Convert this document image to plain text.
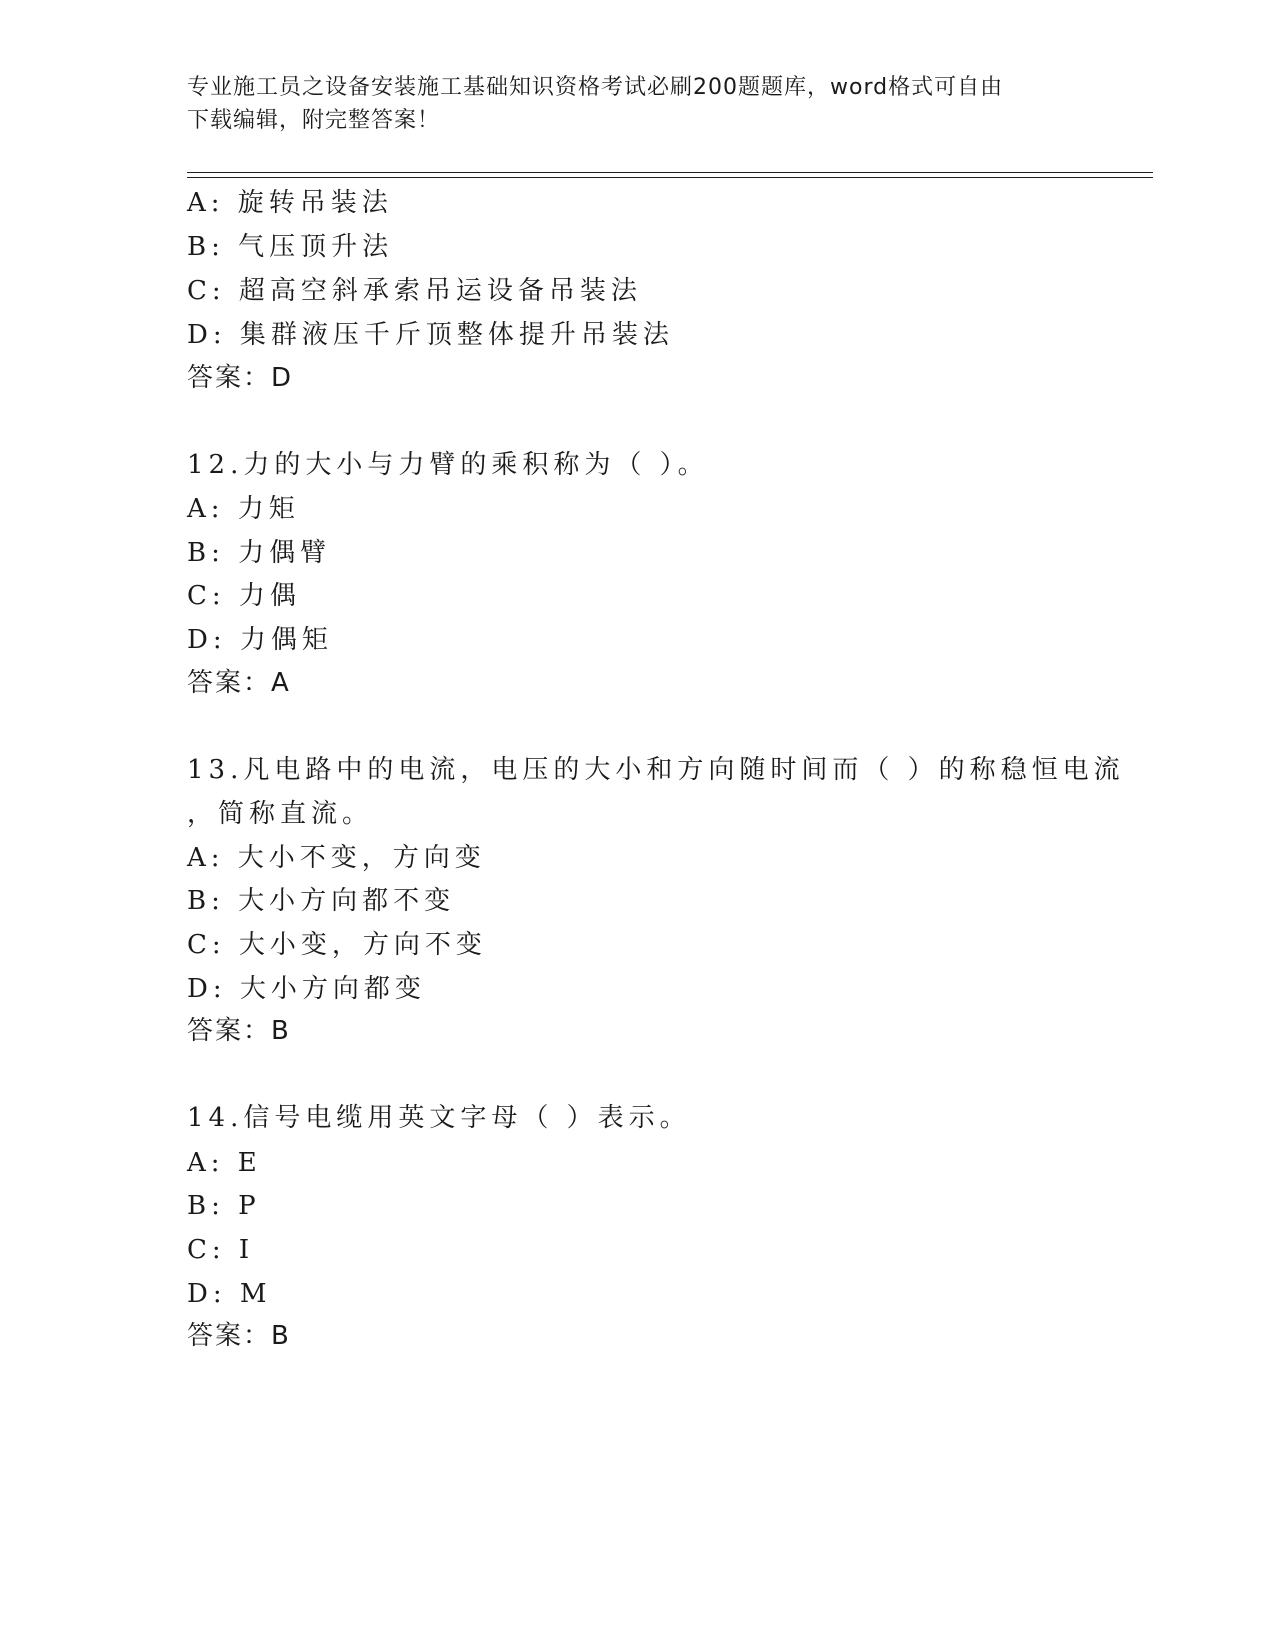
专业施工员之设备安装施工基础知识资格考试必刷200题题库，word格式可自由
下载编辑，附完整答案！
A: 旋转吊装法
B: 气压顶升法
C: 超高空斜承索吊运设备吊装法
D: 集群液压千斤顶整体提升吊装法
答案：D
12.力的大小与力臂的乘积称为（ ）。
A: 力矩
B: 力偶臂
C: 力偶
D: 力偶矩
答案：A
13.凡电路中的电流，电压的大小和方向随时间而（ ）的称稳恒电流
，简称直流。
A: 大小不变，方向变
B: 大小方向都不变
C: 大小变，方向不变
D: 大小方向都变
答案：B
14.信号电缆用英文字母（ ）表示。
A: E
B: P
C: I
D: M
答案：B
